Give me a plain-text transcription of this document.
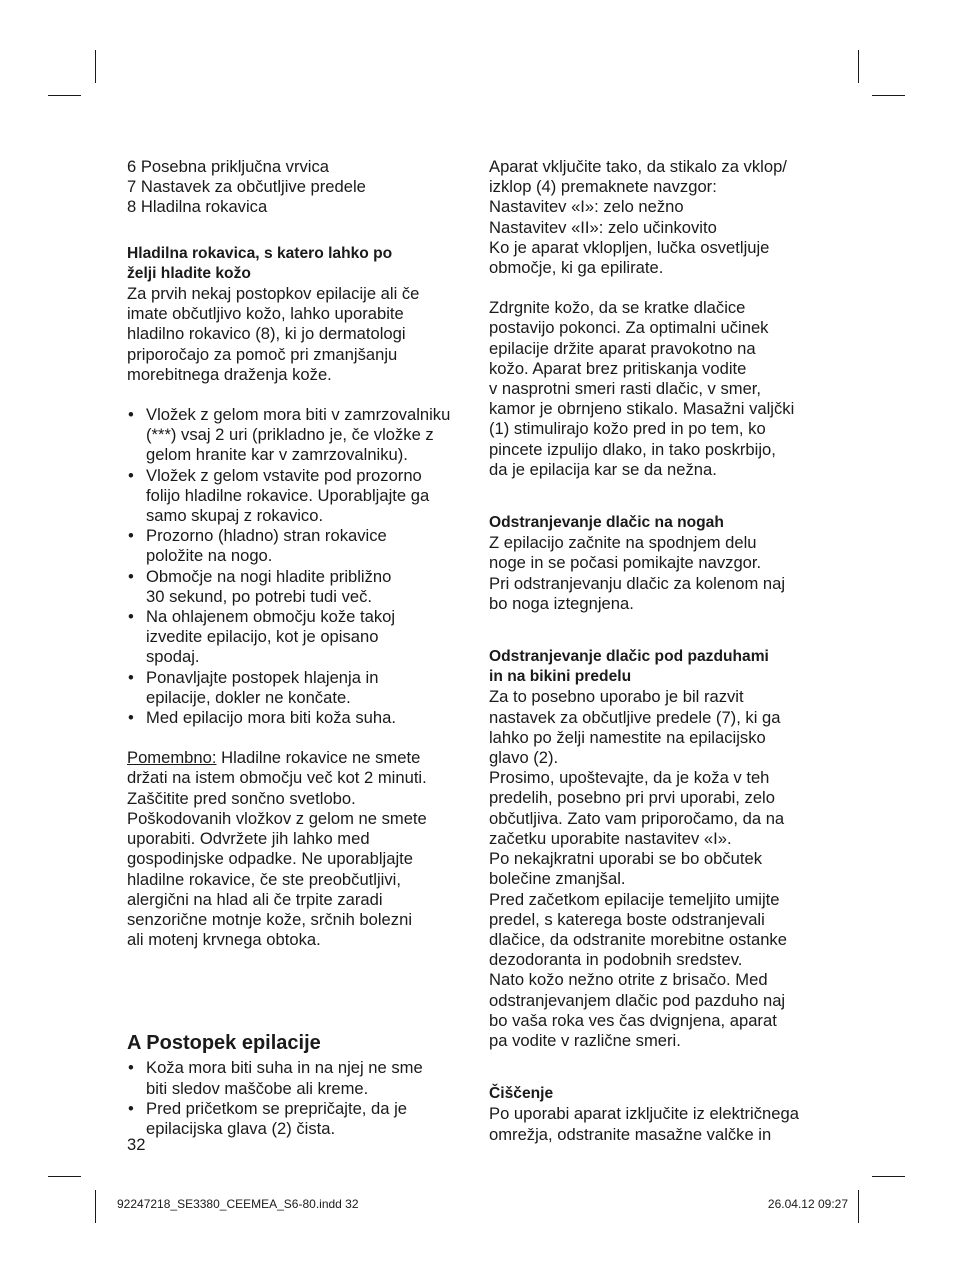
6 Posebna priključna vrvica
7 Nastavek za občutljive predele
8 Hladilna rokavica
Hladilna rokavica, s katero lahko po
želji hladite kožo
Za prvih nekaj postopkov epilacije ali če
imate občutljivo kožo, lahko uporabite
hladilno rokavico (8), ki jo dermatologi
priporočajo za pomoč pri zmanjšanju
morebitnega draženja kože.
• Vložek z gelom mora biti v zamrzovalniku
(***) vsaj 2 uri (prikladno je, če vložke z
gelom hranite kar v zamrzovalniku).
• Vložek z gelom vstavite pod prozorno
folijo hladilne rokavice. Uporabljajte ga
samo skupaj z rokavico.
• Prozorno (hladno) stran rokavice
položite na nogo.
• Območje na nogi hladite približno
30 sekund, po potrebi tudi več.
• Na ohlajenem območju kože takoj
izvedite epilacijo, kot je opisano
spodaj.
• Ponavljajte postopek hlajenja in
epilacije, dokler ne končate.
• Med epilacijo mora biti koža suha.
Pomembno: Hladilne rokavice ne smete
držati na istem območju več kot 2 minuti.
Zaščitite pred sončno svetlobo.
Poškodovanih vložkov z gelom ne smete
uporabiti. Odvržete jih lahko med
gospodinjske odpadke. Ne uporabljajte
hladilne rokavice, če ste preobčutljivi,
alergični na hlad ali če trpite zaradi
senzorične motnje kože, srčnih bolezni
ali motenj krvnega obtoka.
A Postopek epilacije
• Koža mora biti suha in na njej ne sme
biti sledov maščobe ali kreme.
• Pred pričetkom se prepričajte, da je
epilacijska glava (2) čista.
Aparat vključite tako, da stikalo za vklop/
izklop (4) premaknete navzgor:
Nastavitev «I»: zelo nežno
Nastavitev «II»: zelo učinkovito
Ko je aparat vklopljen, lučka osvetljuje
območje, ki ga epilirate.
Zdrgnite kožo, da se kratke dlačice
postavijo pokonci. Za optimalni učinek
epilacije držite aparat pravokotno na
kožo. Aparat brez pritiskanja vodite
v nasprotni smeri rasti dlačic, v smer,
kamor je obrnjeno stikalo. Masažni valjčki
(1) stimulirajo kožo pred in po tem, ko
pincete izpulijo dlako, in tako poskrbijo,
da je epilacija kar se da nežna.
Odstranjevanje dlačic na nogah
Z epilacijo začnite na spodnjem delu
noge in se počasi pomikajte navzgor.
Pri odstranjevanju dlačic za kolenom naj
bo noga iztegnjena.
Odstranjevanje dlačic pod pazduhami
in na bikini predelu
Za to posebno uporabo je bil razvit
nastavek za občutljive predele (7), ki ga
lahko po želji namestite na epilacijsko
glavo (2).
Prosimo, upoštevajte, da je koža v teh
predelih, posebno pri prvi uporabi, zelo
občutljiva. Zato vam priporočamo, da na
začetku uporabite nastavitev «I».
Po nekajkratni uporabi se bo občutek
bolečine zmanjšal.
Pred začetkom epilacije temeljito umijte
predel, s katerega boste odstranjevali
dlačice, da odstranite morebitne ostanke
dezodoranta in podobnih sredstev.
Nato kožo nežno otrite z brisačo. Med
odstranjevanjem dlačic pod pazduho naj
bo vaša roka ves čas dvignjena, aparat
pa vodite v različne smeri.
Čiščenje
Po uporabi aparat izključite iz električnega
omrežja, odstranite masažne valčke in
32
92247218_SE3380_CEEMEA_S6-80.indd 32	26.04.12 09:27
